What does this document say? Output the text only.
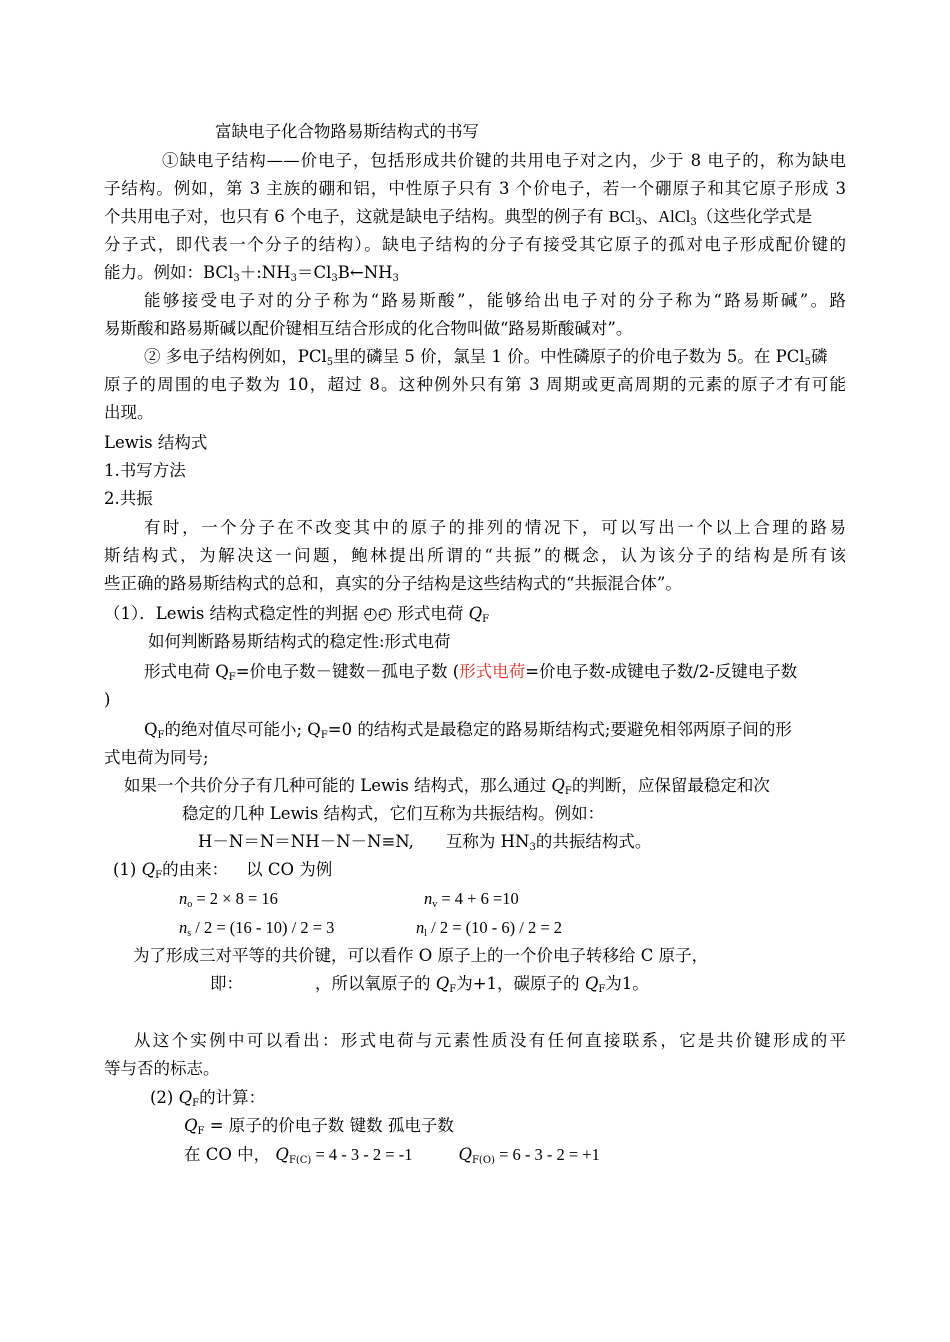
富缺电子化合物路易斯结构式的书写
①缺电子结构——价电子，包括形成共价键的共用电子对之内，少于 8 电子的，称为缺电
子结构。例如，第 3 主族的硼和铝，中性原子只有 3 个价电子，若一个硼原子和其它原子形成 3
个共用电子对，也只有 6 个电子，这就是缺电子结构。典型的例子有 BCl$_3$、AlCl$_3$（这些化学式是
分子式，即代表一个分子的结构）。缺电子结构的分子有接受其它原子的孤对电子形成配价键的
能力。例如：$BCl_3+:NH_3=Cl_3B\leftarrow NH_3$
能够接受电子对的分子称为“路易斯酸”，能够给出电子对的分子称为“路易斯碱”。路
易斯酸和路易斯碱以配价键相互结合形成的化合物叫做“路易斯酸碱对”。
② 多电子结构例如，PCl$_5$里的磷呈 5 价，氯呈 1 价。中性磷原子的价电子数为 5。在 PCl$_5$磷
原子的周围的电子数为 10，超过 8。这种例外只有第 3 周期或更高周期的元素的原子才有可能
出现。
Lewis 结构式
1.书写方法
2.共振
有时，一个分子在不改变其中的原子的排列的情况下，可以写出一个以上合理的路易
斯结构式，为解决这一问题，鲍林提出所谓的“共振”的概念，认为该分子的结构是所有该
些正确的路易斯结构式的总和，真实的分子结构是这些结构式的“共振混合体”。
（1）．Lewis 结构式稳定性的判据 ◴◴ 形式电荷 $Q_F$
如何判断路易斯结构式的稳定性:形式电荷
形式电荷 $Q_F=$价电子数－键数－孤电子数 (形式电荷=价电子数-成键电子数/2-反键电子数
)
$Q_F$的绝对值尽可能小; $Q_F=0$ 的结构式是最稳定的路易斯结构式;要避免相邻两原子间的形
式电荷为同号;
如果一个共价分子有几种可能的 Lewis 结构式，那么通过 $Q_F$的判断，应保留最稳定和次
稳定的几种 Lewis 结构式，它们互称为共振结构。例如：
H－N＝N＝NH－N－N≡N, 互称为 $HN_3$的共振结构式。
(1) $Q_F$的由来： 以 CO 为例
$n_o = 2 \times 8 = 16$	$n_v = 4 + 6 =10$
$n_s / 2 = (16 - 10) / 2 = 3$	$n_l / 2 = (10 - 6) / 2 = 2$
为了形成三对平等的共价键，可以看作 O 原子上的一个价电子转移给 C 原子，
即：	，所以氧原子的 $Q_F$为+1，碳原子的 $Q_F$为1。
从这个实例中可以看出：形式电荷与元素性质没有任何直接联系，它是共价键形成的平
等与否的标志。
(2) $Q_F$的计算：
$Q_F$ = 原子的价电子数 键数 孤电子数
在 CO 中， $Q_{F(C)} = 4 - 3 - 2 = -1$	$Q_{F(O)} = 6 - 3 - 2 = +1$
